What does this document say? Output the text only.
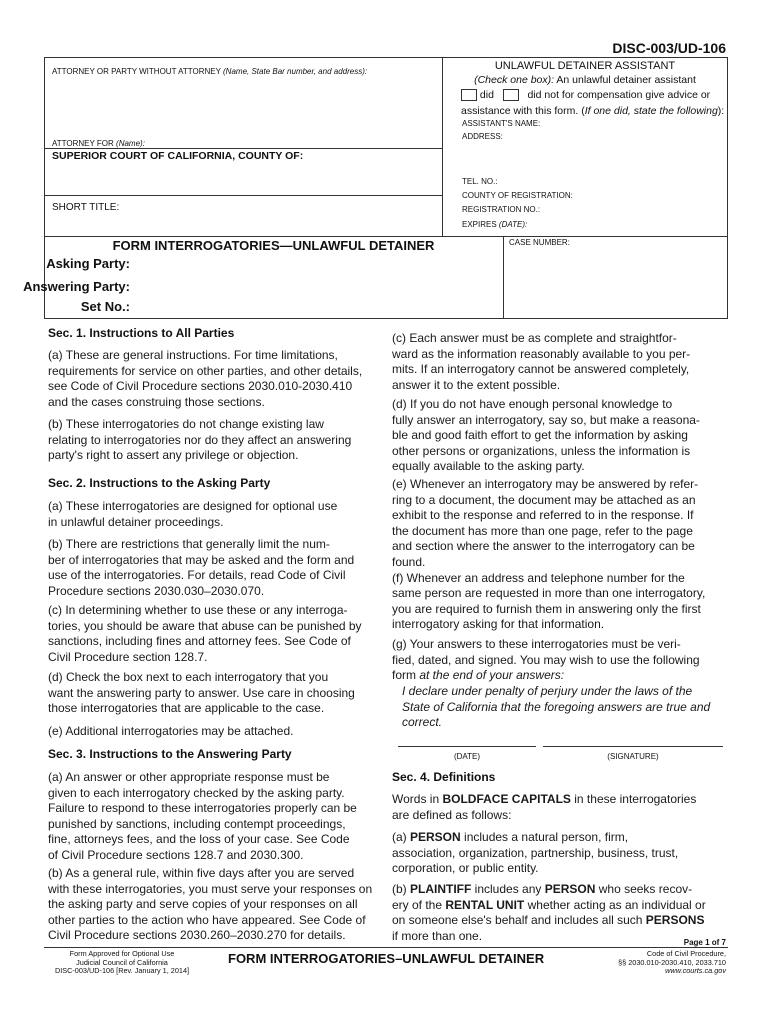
DISC-003/UD-106
ATTORNEY OR PARTY WITHOUT ATTORNEY (Name, State Bar number, and address):
ATTORNEY FOR (Name):
SUPERIOR COURT OF CALIFORNIA, COUNTY OF:
SHORT TITLE:
UNLAWFUL DETAINER ASSISTANT
(Check one box): An unlawful detainer assistant
did	did not for compensation give advice or
assistance with this form. (If one did, state the following):
ASSISTANT'S NAME:
ADDRESS:
TEL. NO.:
COUNTY OF REGISTRATION:
REGISTRATION NO.:
EXPIRES (DATE):
FORM INTERROGATORIES—UNLAWFUL DETAINER
Asking Party:
Answering Party:
Set No.:
CASE NUMBER:
Sec. 1. Instructions to All Parties
(a) These are general instructions. For time limitations,
requirements for service on other parties, and other details,
see Code of Civil Procedure sections 2030.010-2030.410
and the cases construing those sections.
(b) These interrogatories do not change existing law
relating to interrogatories nor do they affect an answering
party's right to assert any privilege or objection.
Sec. 2. Instructions to the Asking Party
(a) These interrogatories are designed for optional use
in unlawful detainer proceedings.
(b) There are restrictions that generally limit the num-
ber of interrogatories that may be asked and the form and
use of the interrogatories. For details, read Code of Civil
Procedure sections 2030.030–2030.070.
(c) In determining whether to use these or any interroga-
tories, you should be aware that abuse can be punished by
sanctions, including fines and attorney fees. See Code of
Civil Procedure section 128.7.
(d) Check the box next to each interrogatory that you
want the answering party to answer. Use care in choosing
those interrogatories that are applicable to the case.
(e) Additional interrogatories may be attached.
Sec. 3. Instructions to the Answering Party
(a) An answer or other appropriate response must be
given to each interrogatory checked by the asking party.
Failure to respond to these interrogatories properly can be
punished by sanctions, including contempt proceedings,
fine, attorneys fees, and the loss of your case. See Code
of Civil Procedure sections 128.7 and 2030.300.
(b) As a general rule, within five days after you are served
with these interrogatories, you must serve your responses on
the asking party and serve copies of your responses on all
other parties to the action who have appeared. See Code of
Civil Procedure sections 2030.260–2030.270 for details.
(c) Each answer must be as complete and straightfor-
ward as the information reasonably available to you per-
mits. If an interrogatory cannot be answered completely,
answer it to the extent possible.
(d) If you do not have enough personal knowledge to
fully answer an interrogatory, say so, but make a reasona-
ble and good faith effort to get the information by asking
other persons or organizations, unless the information is
equally available to the asking party.
(e) Whenever an interrogatory may be answered by refer-
ring to a document, the document may be attached as an
exhibit to the response and referred to in the response. If
the document has more than one page, refer to the page
and section where the answer to the interrogatory can be
found.
(f) Whenever an address and telephone number for the
same person are requested in more than one interrogatory,
you are required to furnish them in answering only the first
interrogatory asking for that information.
(g) Your answers to these interrogatories must be veri-
fied, dated, and signed. You may wish to use the following
form at the end of your answers:
I declare under penalty of perjury under the laws of the
State of California that the foregoing answers are true and
correct.
(DATE)	(SIGNATURE)
Sec. 4. Definitions
Words in BOLDFACE CAPITALS in these interrogatories
are defined as follows:
(a) PERSON includes a natural person, firm,
association, organization, partnership, business, trust,
corporation, or public entity.
(b) PLAINTIFF includes any PERSON who seeks recov-
ery of the RENTAL UNIT whether acting as an individual or
on someone else's behalf and includes all such PERSONS
if more than one.	Page 1 of 7
Form Approved for Optional Use
Judicial Council of California
DISC-003/UD-106 [Rev. January 1, 2014]
FORM INTERROGATORIES–UNLAWFUL DETAINER	Code of Civil Procedure,
§§ 2030.010-2030.410, 2033.710
www.courts.ca.gov
